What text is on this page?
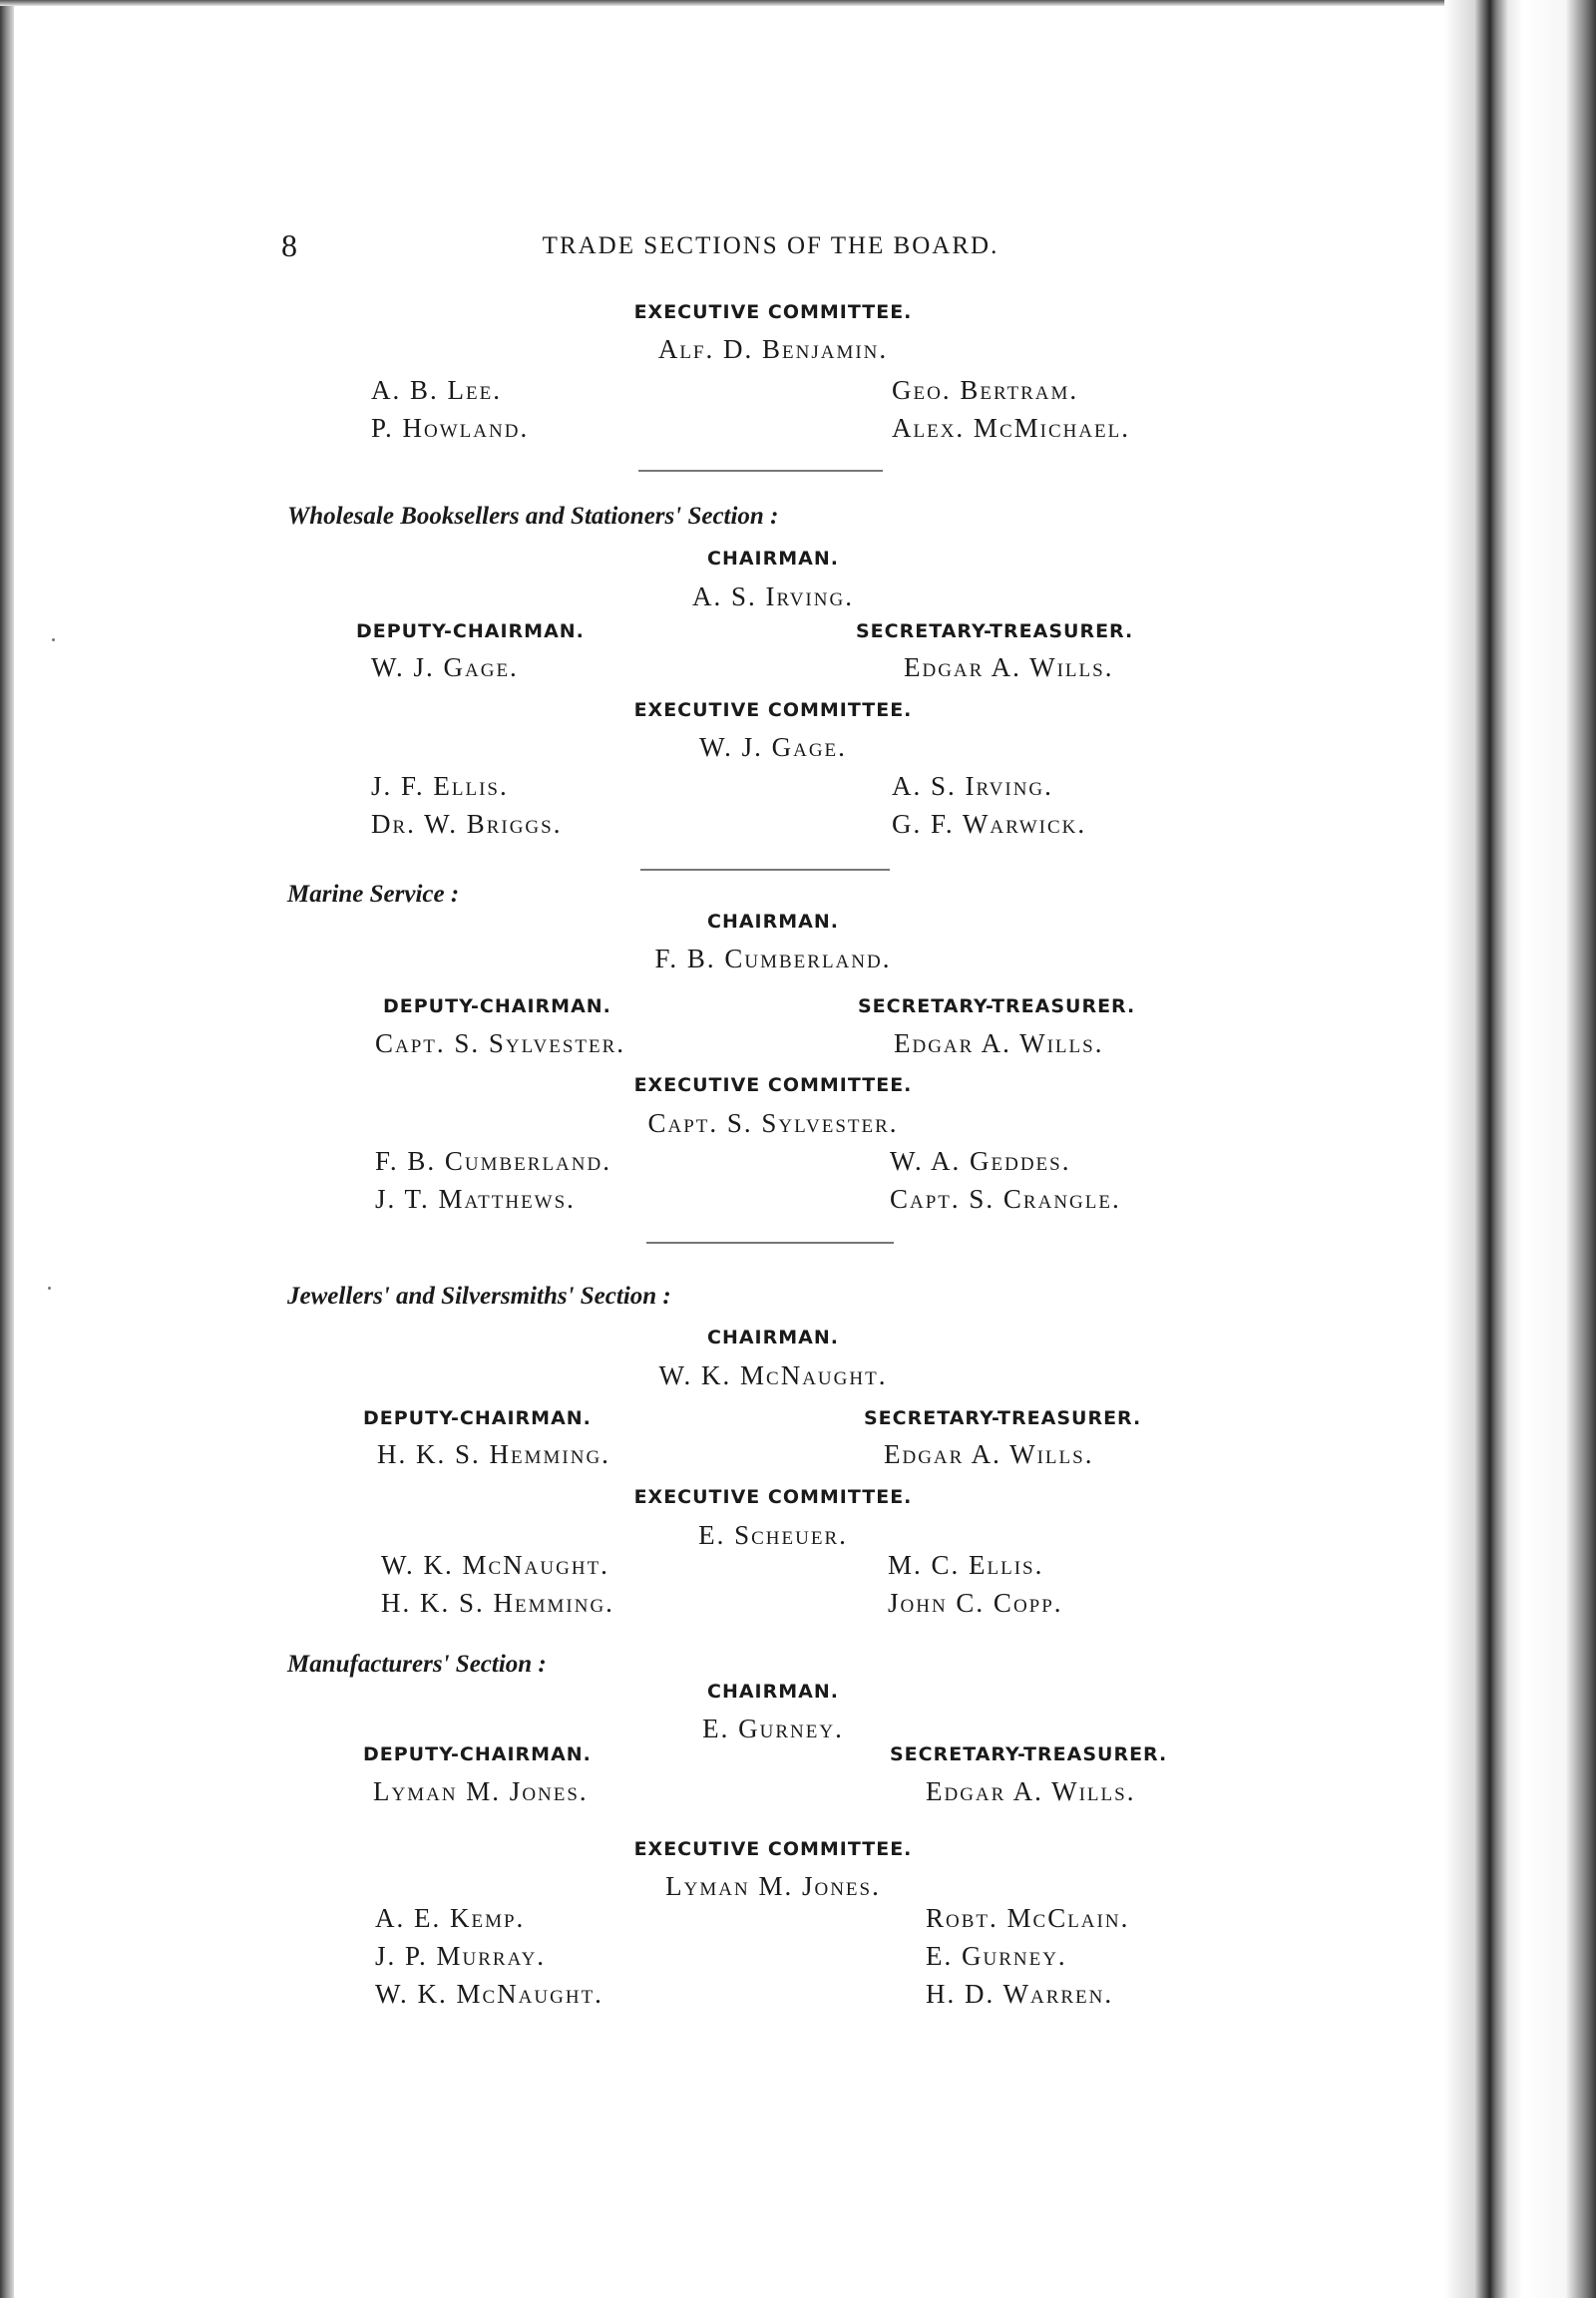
8	TRADE SECTIONS OF THE BOARD.
EXECUTIVE COMMITTEE.
Alf. D. Benjamin.
A. B. Lee.	Geo. Bertram.
P. Howland.	Alex. McMichael.
Wholesale Booksellers and Stationers' Section :
CHAIRMAN.
A. S. Irving.
DEPUTY-CHAIRMAN.	SECRETARY-TREASURER.
W. J. Gage.	Edgar A. Wills.
EXECUTIVE COMMITTEE.
W. J. Gage.
J. F. Ellis.	A. S. Irving.
Dr. W. Briggs.	G. F. Warwick.
Marine Service :
CHAIRMAN.
F. B. Cumberland.
DEPUTY-CHAIRMAN.	SECRETARY-TREASURER.
Capt. S. Sylvester.	Edgar A. Wills.
EXECUTIVE COMMITTEE.
Capt. S. Sylvester.
F. B. Cumberland.	W. A. Geddes.
J. T. Matthews.	Capt. S. Crangle.
Jewellers' and Silversmiths' Section :
CHAIRMAN.
W. K. McNaught.
DEPUTY-CHAIRMAN.	SECRETARY-TREASURER.
H. K. S. Hemming.	Edgar A. Wills.
EXECUTIVE COMMITTEE.
E. Scheuer.
W. K. McNaught.	M. C. Ellis.
H. K. S. Hemming.	John C. Copp.
Manufacturers' Section :
CHAIRMAN.
E. Gurney.
DEPUTY-CHAIRMAN.	SECRETARY-TREASURER.
Lyman M. Jones.	Edgar A. Wills.
EXECUTIVE COMMITTEE.
Lyman M. Jones.
A. E. Kemp.	Robt. McClain.
J. P. Murray.	E. Gurney.
W. K. McNaught.	H. D. Warren.
